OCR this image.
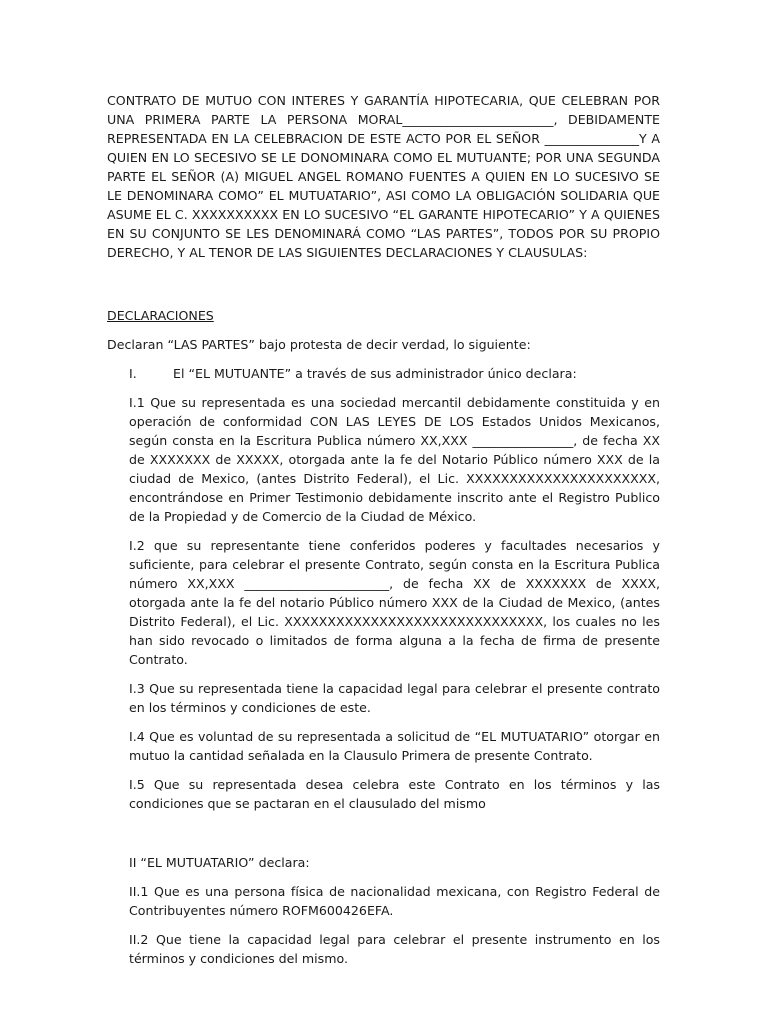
CONTRATO DE MUTUO CON INTERES Y GARANTÍA HIPOTECARIA, QUE CELEBRAN POR UNA PRIMERA PARTE LA PERSONA MORAL________________________, DEBIDAMENTE REPRESENTADA EN LA CELEBRACION DE ESTE ACTO POR EL SEÑOR _______________Y A QUIEN EN LO SECESIVO SE LE DONOMINARA COMO EL MUTUANTE; POR UNA SEGUNDA PARTE EL SEÑOR (A) MIGUEL ANGEL ROMANO FUENTES A QUIEN EN LO SUCESIVO SE LE DENOMINARA COMO” EL MUTUATARIO”, ASI COMO LA OBLIGACIÓN SOLIDARIA QUE ASUME EL C. XXXXXXXXXX EN LO SUCESIVO “EL GARANTE HIPOTECARIO” Y A QUIENES EN SU CONJUNTO SE LES DENOMINARÁ COMO “LAS PARTES”, TODOS POR SU PROPIO DERECHO, Y AL TENOR DE LAS SIGUIENTES DECLARACIONES Y CLAUSULAS:

DECLARACIONES

Declaran “LAS PARTES” bajo protesta de decir verdad, lo siguiente:

I.	El “EL MUTUANTE” a través de sus administrador único declara:

I.1 Que su representada es una sociedad mercantil debidamente constituida y en operación de conformidad CON LAS LEYES DE LOS Estados Unidos Mexicanos, según consta en la Escritura Publica número XX,XXX ________________, de fecha XX de XXXXXXX de XXXXX, otorgada ante la fe del Notario Público número XXX de la ciudad de Mexico, (antes Distrito Federal), el Lic. XXXXXXXXXXXXXXXXXXXXXX, encontrándose en Primer Testimonio debidamente inscrito ante el Registro Publico de la Propiedad y de Comercio de la Ciudad de México.

I.2 que su representante tiene conferidos poderes y facultades necesarios y suficiente, para celebrar el presente Contrato, según consta en la Escritura Publica número XX,XXX _______________________, de fecha XX de XXXXXXX de XXXX, otorgada ante la fe del notario Público número XXX de la Ciudad de Mexico, (antes Distrito Federal), el Lic. XXXXXXXXXXXXXXXXXXXXXXXXXXXXXX, los cuales no les han sido revocado o limitados de forma alguna a la fecha de firma de presente Contrato.

I.3 Que su representada tiene la capacidad legal para celebrar el presente contrato en los términos y condiciones de este.

I.4 Que es voluntad de su representada a solicitud de “EL MUTUATARIO” otorgar en mutuo la cantidad señalada en la Clausulo Primera de presente Contrato.

I.5 Que su representada desea celebra este Contrato en los términos y las condiciones que se pactaran en el clausulado del mismo

II “EL MUTUATARIO” declara:

II.1 Que es una persona física de nacionalidad mexicana, con Registro Federal de Contribuyentes número ROFM600426EFA.

II.2 Que tiene la capacidad legal para celebrar el presente instrumento en los términos y condiciones del mismo.
